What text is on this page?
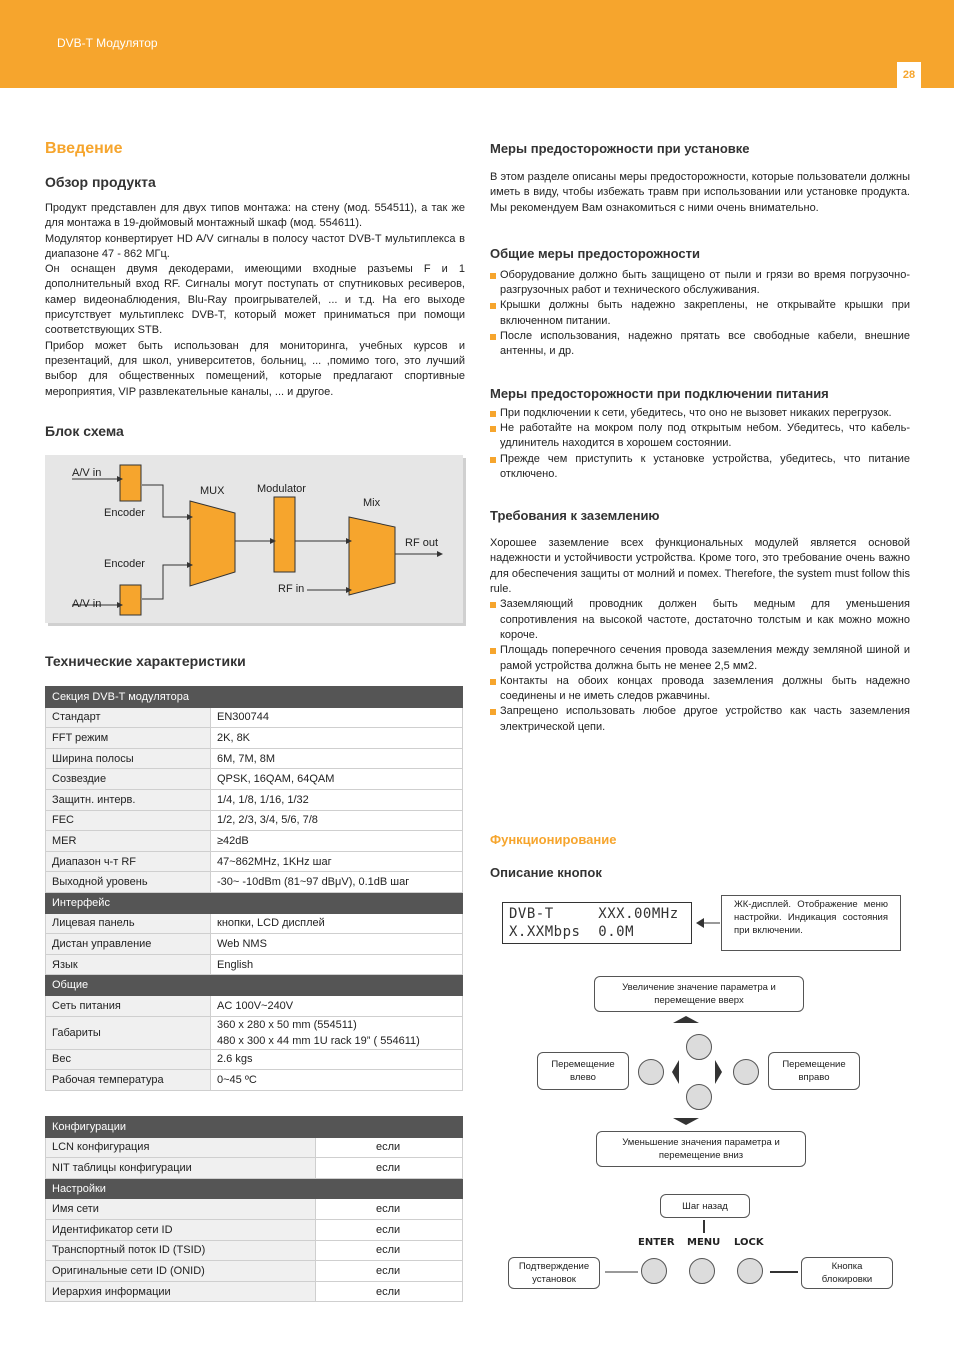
DVB-T Модулятор
28
Введение
Обзор продукта

Продукт представлен для двух типов монтажа: на стену (мод. 554511), а так же для монтажа в 19-дюймовый монтажный шкаф (мод. 554611).

Модулятор конвертирует HD A/V сигналы в полосу частот DVB-T мультиплекса в диапазоне 47 - 862 МГц.

Он оснащен двумя декодерами, имеющими входные разъемы F и 1 дополнительный вход RF. Сигналы могут поступать от спутниковых ресиверов, камер видеонаблюдения, Blu-Ray проигрывателей, ... и т.д. На его выходе присутствует мультиплекс DVB-T, который может приниматься при помощи соответствующих STB.

Прибор может быть использован для мониторинга, учебных курсов и презентаций, для школ, университетов, больниц, ... ,помимо того, это лучший выбор для общественных помещений, которые предлагают спортивные мероприятия, VIP развлекательные каналы, ... и другое.

Блок схема
A/V in
Encoder
Encoder
A/V in
MUX	Modulator
RF in
Mix
RF out
Технические характеристики
Секция DVB-T модулятора	
Стандарт	EN300744
FFT режим	2K, 8K
Ширина полосы	6M, 7M, 8M
Созвездие	QPSK, 16QAM, 64QAM
Защитн. интерв.	1/4, 1/8, 1/16, 1/32
FEC	1/2, 2/3, 3/4, 5/6, 7/8
MER	≥42dB
Диапазон ч-т RF	47~862MHz, 1KHz шаг
Выходной уровень	-30~ -10dBm (81~97 dBμV), 0.1dB шаг
Интерфейс	
Лицевая панель	кнопки, LCD дисплей
Дистан управление	Web NMS
Язык	English
Общие	
Сеть питания	AC 100V~240V
Габариты	360 x 280 x 50 mm (554511)
480 x 300 x 44 mm 1U rack 19” ( 554611)
Вес	2.6 kgs
Рабочая температура	0~45 ºC
Конфигурации	
LCN конфигурация	если
NIT таблицы конфигурации	если
Настройки	
Имя сети	если
Идентификатор сети ID	если
Транспортный поток ID (TSID)	если
Оригинальные сети ID (ONID)	если
Иерархия информации	если
Меры предосторожности при установке
В этом разделе описаны меры предосторожности, которые пользователи должны иметь в виду, чтобы избежать травм при использовании или установке продукта. Мы рекомендуем Вам ознакомиться с ними очень внимательно.
Общие меры предосторожности
Оборудование должно быть защищено от пыли и грязи во время погрузочно-разгрузочных работ и технического обслуживания.
Крышки должны быть надежно закреплены, не открывайте крышки при включенном питании.
После использования, надежно прятать все свободные кабели, внешние антенны, и др.
Меры предосторожности при подключении питания
При подключении к сети, убедитесь, что оно не вызовет никаких перегрузок.
Не работайте на мокром полу под открытым небом. Убедитесь, что кабель-удлинитель находится в хорошем состоянии.
Прежде чем приступить к установке устройства, убедитесь, что питание отключено.
Требования к заземлению
Хорошее заземление всех функциональных модулей является основой надежности и устойчивости устройства. Кроме того, это требование очень важно для обеспечения защиты от молний и помех. Therefore, the system must follow this rule.
Заземляющий проводник должен быть медным для уменьшения сопротивления на высокой частоте, достаточно толстым и как можно можно короче.
Площадь поперечного сечения провода заземления между земляной шиной и рамой устройства должна быть не менее 2,5 мм2.
Контакты на обоих концах провода заземления должны быть надежно соединены и не иметь следов ржавчины.
Запрещено использовать любое другое устройство как часть заземления электрической цепи.
Функционирование
Описание кнопок
DVB-T     XXX.00MHz
X.XXMbps  0.0M
ЖК-дисплей. Отображение меню настройки. Индикация состояния при включении.
Увеличение значение параметра и перемещение вверх
Перемещение влево
Перемещение вправо
Уменьшение значения параметра и перемещение вниз
Шаг назад
ENTER MENU LOCK
Подтверждение установок
Кнопка блокировки
